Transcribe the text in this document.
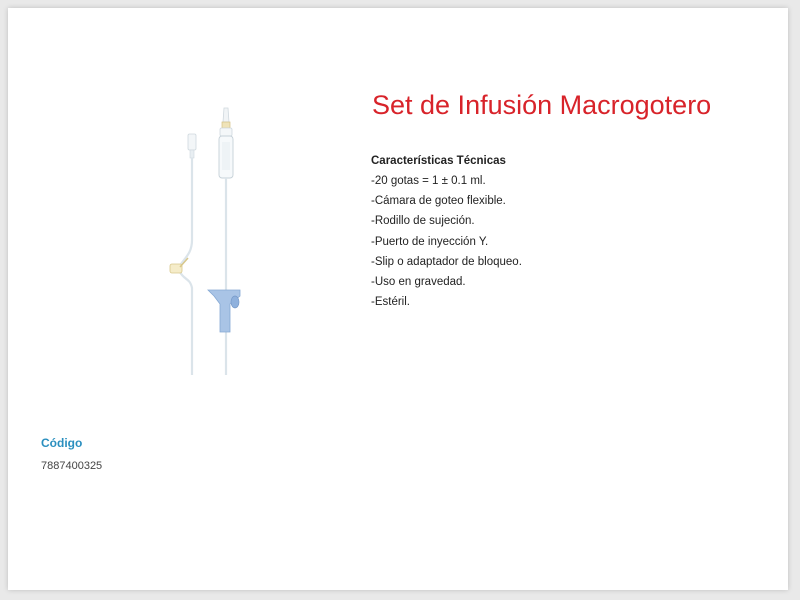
Set de Infusión Macrogotero
Características Técnicas
-20 gotas = 1 ± 0.1 ml.
-Cámara de goteo flexible.
-Rodillo de sujeción.
-Puerto de inyección Y.
-Slip o adaptador de bloqueo.
-Uso en gravedad.
-Estéril.
Código
7887400325
